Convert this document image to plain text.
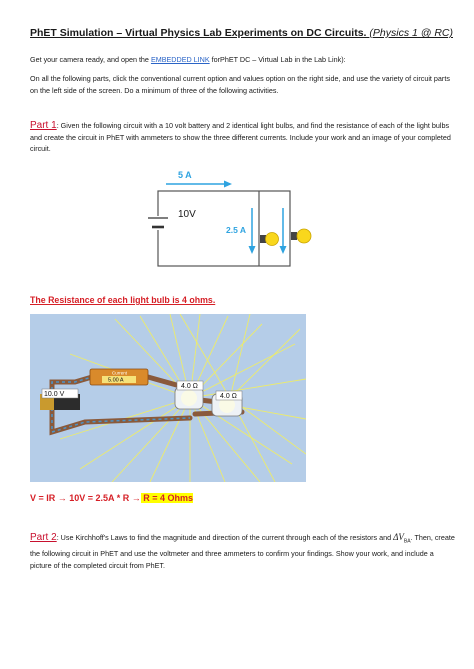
PhET Simulation – Virtual Physics Lab Experiments on DC Circuits. (Physics 1 @ RC)
Get your camera ready, and open the EMBEDDED LINK forPhET DC – Virtual Lab in the Lab Link):
On all the following parts, click the conventional current option and values option on the right side, and use the variety of circuit parts on the left side of the screen. Do a minimum of three of the following activities.
Part 1: Given the following circuit with a 10 volt battery and 2 identical light bulbs, and find the resistance of each of the light bulbs and create the circuit in PhET with ammeters to show the three different currents. Include your work and an image of your completed circuit.
10V
5 A
2.5 A
The Resistance of each light bulb is 4 ohms.
10.0 V
Current
5.00 A
4.0 Ω
4.0 Ω
V = IR → 10V = 2.5A * R → R = 4 Ohms
Part 2: Use Kirchhoff's Laws to find the magnitude and direction of the current through each of the resistors and $\Delta V_{BA}$. Then, create the following circuit in PhET and use the voltmeter and three ammeters to confirm your findings. Show your work, and include a picture of the completed circuit from PhET.
